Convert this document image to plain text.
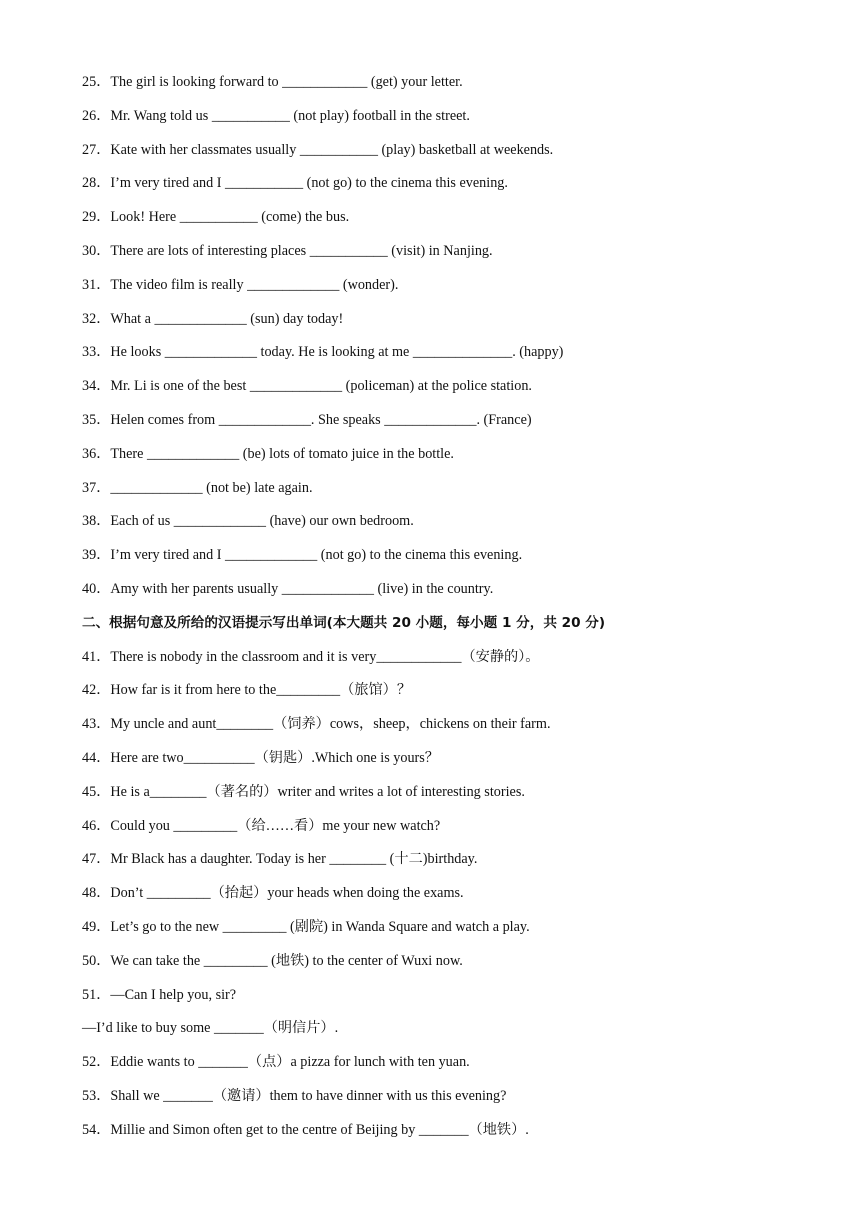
25．The girl is looking forward to ____________ (get) your letter.
26．Mr. Wang told us ___________ (not play) football in the street.
27．Kate with her classmates usually ___________ (play) basketball at weekends.
28．I’m very tired and I ___________ (not go) to the cinema this evening.
29．Look! Here ___________ (come) the bus.
30．There are lots of interesting places ___________ (visit) in Nanjing.
31．The video film is really _____________ (wonder).
32．What a _____________ (sun) day today!
33．He looks _____________ today. He is looking at me ______________. (happy)
34．Mr. Li is one of the best _____________ (policeman) at the police station.
35．Helen comes from _____________. She speaks _____________. (France)
36．There _____________ (be) lots of tomato juice in the bottle.
37．_____________ (not be) late again.
38．Each of us _____________ (have) our own bedroom.
39．I’m very tired and I _____________ (not go) to the cinema this evening.
40．Amy with her parents usually _____________ (live) in the country.
二、根据句意及所给的汉语提示写出单词(本大题共 20 小题，每小题 1 分，共 20 分)
41．There is nobody in the classroom and it is very____________（安静的）。
42．How far is it from here to the_________（旅馆）？
43．My uncle and aunt________（饲养）cows，sheep，chickens on their farm.
44．Here are two__________（钥匙）.Which one is yours？
45．He is a________（著名的）writer and writes a lot of interesting stories.
46．Could you _________（给……看）me your new watch?
47．Mr Black has a daughter. Today is her ________ (十二)birthday.
48．Don’t _________（抬起）your heads when doing the exams.
49．Let’s go to the new _________ (剧院) in Wanda Square and watch a play.
50．We can take the _________ (地铁) to the center of Wuxi now.
51．—Can I help you, sir?
—I’d like to buy some _______（明信片）.
52．Eddie wants to _______（点）a pizza for lunch with ten yuan.
53．Shall we _______（邀请）them to have dinner with us this evening?
54．Millie and Simon often get to the centre of Beijing by _______（地铁）.
